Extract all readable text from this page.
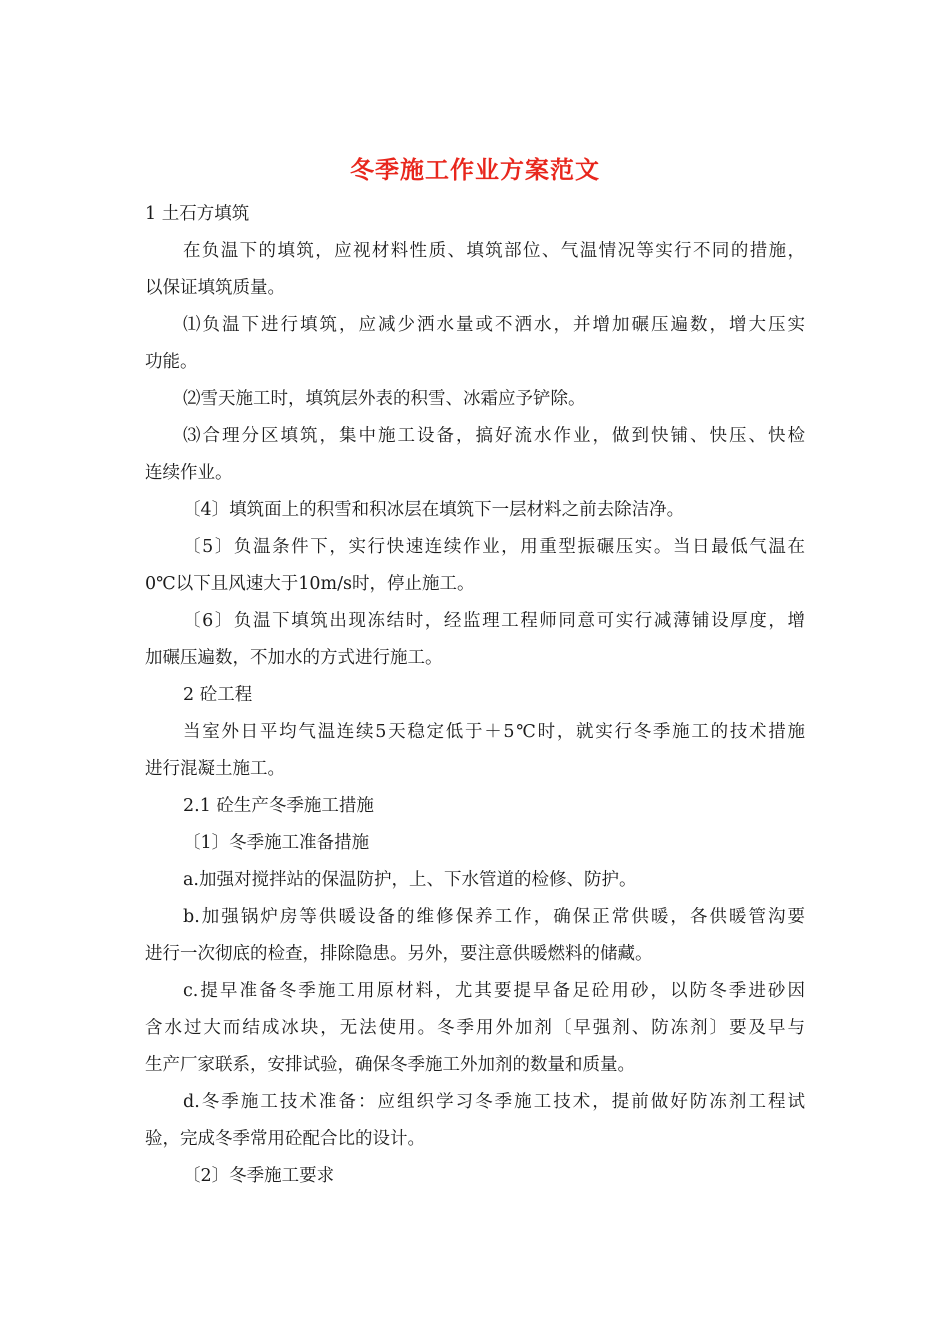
冬季施工作业方案范文

1 土石方填筑

在负温下的填筑，应视材料性质、填筑部位、气温情况等实行不同的措施，

以保证填筑质量。

⑴负温下进行填筑，应减少洒水量或不洒水，并增加碾压遍数，增大压实

功能。

⑵雪天施工时，填筑层外表的积雪、冰霜应予铲除。

⑶合理分区填筑，集中施工设备，搞好流水作业，做到快铺、快压、快检

连续作业。

〔4〕填筑面上的积雪和积冰层在填筑下一层材料之前去除洁净。

〔5〕负温条件下，实行快速连续作业，用重型振碾压实。当日最低气温在

0℃以下且风速大于10m/s时，停止施工。

〔6〕负温下填筑出现冻结时，经监理工程师同意可实行减薄铺设厚度，增

加碾压遍数，不加水的方式进行施工。

2 砼工程

当室外日平均气温连续5天稳定低于＋5℃时，就实行冬季施工的技术措施

进行混凝土施工。

2.1 砼生产冬季施工措施

〔1〕冬季施工准备措施

a.加强对搅拌站的保温防护，上、下水管道的检修、防护。

b.加强锅炉房等供暖设备的维修保养工作，确保正常供暖，各供暖管沟要

进行一次彻底的检查，排除隐患。另外，要注意供暖燃料的储藏。

c.提早准备冬季施工用原材料，尤其要提早备足砼用砂，以防冬季进砂因

含水过大而结成冰块，无法使用。冬季用外加剂〔早强剂、防冻剂〕要及早与

生产厂家联系，安排试验，确保冬季施工外加剂的数量和质量。

d.冬季施工技术准备：应组织学习冬季施工技术，提前做好防冻剂工程试

验，完成冬季常用砼配合比的设计。

〔2〕冬季施工要求
